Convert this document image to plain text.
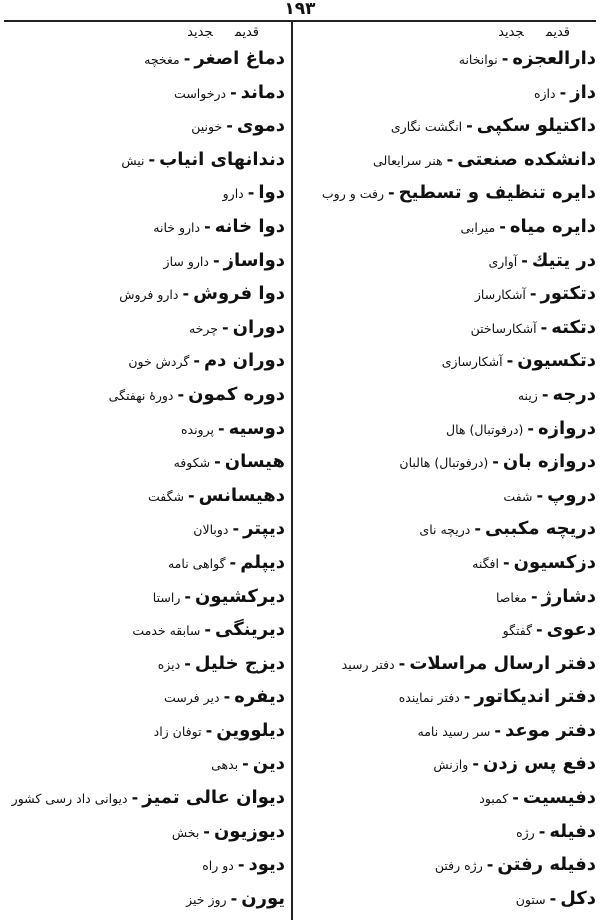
١٩٣
قدیمجدید
دارالعجزه-نوانخانه
داز-دازه
داکتیلو سکپی-انگشت نگاری
دانشکده صنعتی-هنر سرایعالی
دایره تنظیف و تسطیح-رفت و روب
دایره میاه-میرابی
در یتیك-آواری
دتکتور-آشکارساز
دتکته-آشکارساختن
دتکسیون-آشکارسازی
درجه-زینه
دروازه-(درفوتبال) هال
دروازه بان-(درفوتبال) هالبان
دروپ-شفت
دریچه مکببی-دریچه نای
دزکسیون-افگنه
دشارژ-مغاصا
دعوی-گفتگو
دفتر ارسال مراسلات-دفتر رسید
دفتر اندیکاتور-دفتر نماینده
دفتر موعد-سر رسید نامه
دفع پس زدن-وازنش
دفیسیت-کمبود
دفیله-رژه
دفیله رفتن-رژه رفتن
دکل-ستون
قدیمجدید
دماغ اصغر-مغخچه
دماند-درخواست
دموی-خونین
دندانهای انیاب-نیش
دوا-دارو
دوا خانه-دارو خانه
دواساز-دارو ساز
دوا فروش-دارو فروش
دوران-چرخه
دوران دم-گردش خون
دوره کمون-دورهٔ نهفتگی
دوسیه-پرونده
هیسان-شکوفه
دهیسانس-شگفت
دیپتر-دوبالان
دیپلم-گواهی نامه
دیرکشیون-راستا
دیرینگی-سابقه خدمت
دیزج خلیل-دیزه
دیفره-دیر فرست
دیلووین-توفان زاد
دین-بدهی
دیوان عالی تمیز-دیوانی داد رسی کشور
دیوزیون-بخش
دیود-دو راه
یورن-روز خیز
